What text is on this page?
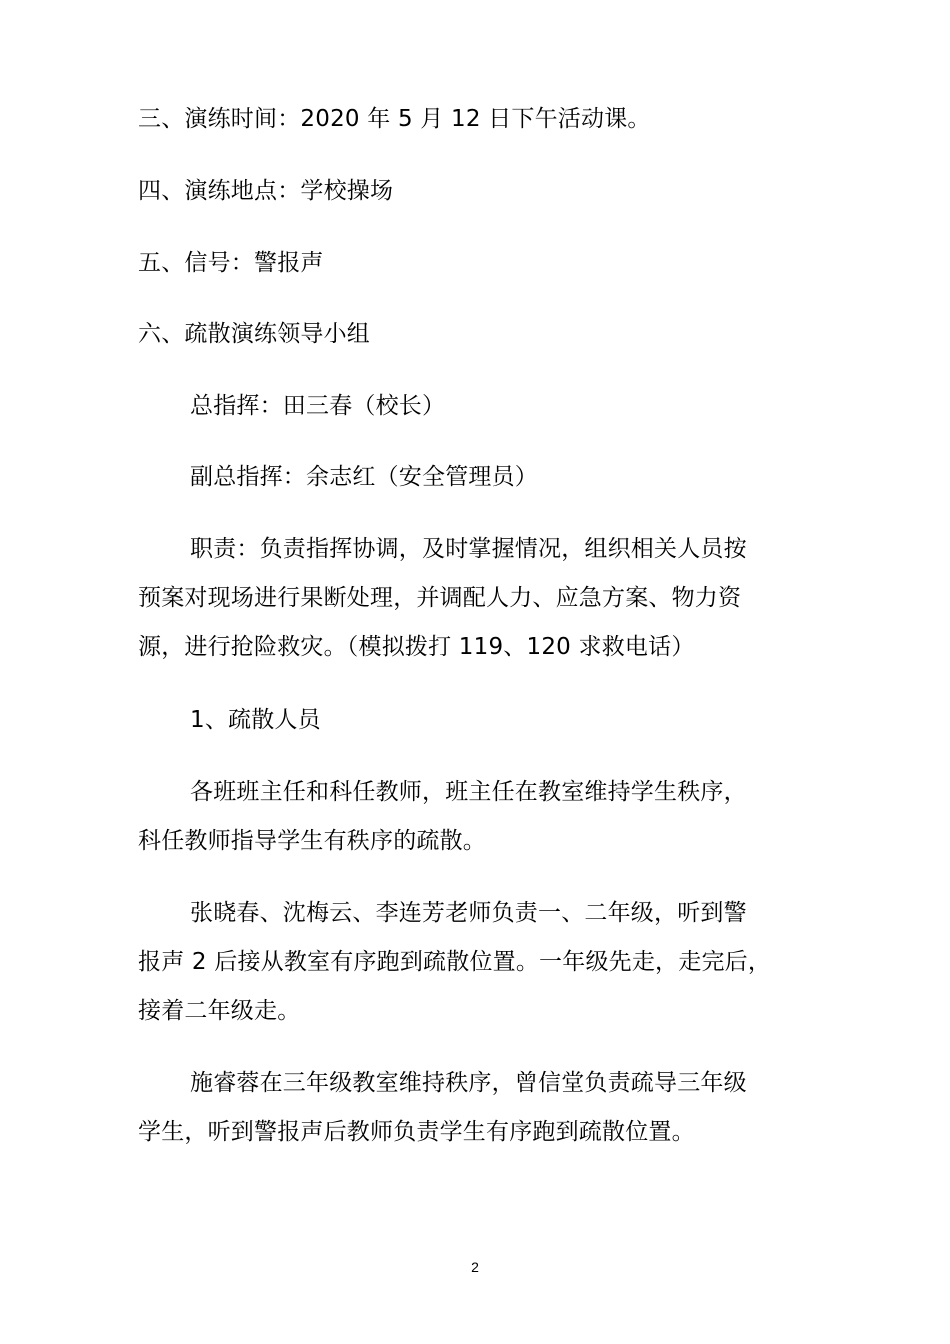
三、演练时间：2020 年 5 月 12 日下午活动课。
四、演练地点：学校操场
五、信号：警报声
六、疏散演练领导小组
总指挥：田三春（校长）
副总指挥：余志红（安全管理员）
职责：负责指挥协调，及时掌握情况，组织相关人员按
预案对现场进行果断处理，并调配人力、应急方案、物力资
源，进行抢险救灾。（模拟拨打 119、120 求救电话）
1、疏散人员
各班班主任和科任教师，班主任在教室维持学生秩序，
科任教师指导学生有秩序的疏散。
张晓春、沈梅云、李连芳老师负责一、二年级，听到警
报声 2 后接从教室有序跑到疏散位置。一年级先走，走完后，
接着二年级走。
施睿蓉在三年级教室维持秩序，曾信堂负责疏导三年级
学生，听到警报声后教师负责学生有序跑到疏散位置。
2
